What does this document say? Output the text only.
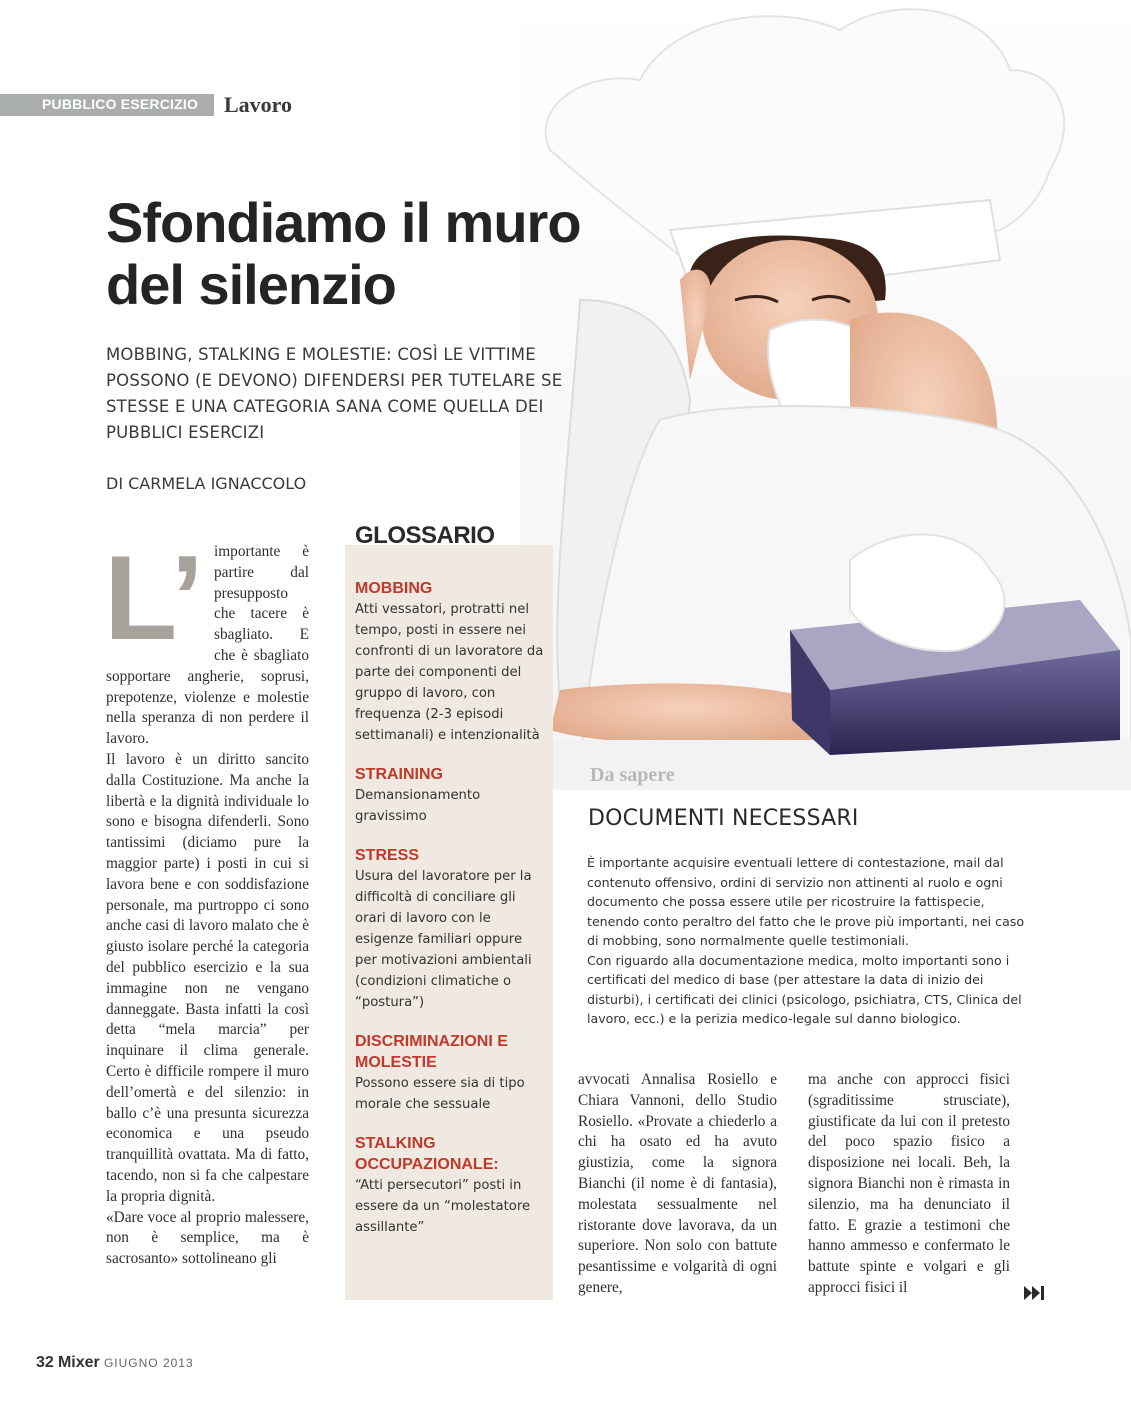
PUBBLICO ESERCIZIO Lavoro
Da sapere
Sfondiamo il muro del silenzio

MOBBING, STALKING E MOLESTIE: COSÌ LE VITTIME POSSONO (E DEVONO) DIFENDERSI PER TUTELARE SE STESSE E UNA CATEGORIA SANA COME QUELLA DEI PUBBLICI ESERCIZI

DI CARMELA IGNACCOLO
L’ importante è partire dal presupposto che tacere è sbagliato. E che è sbagliato sopportare angherie, soprusi, prepotenze, violenze e molestie nella speranza di non perdere il lavoro.

Il lavoro è un diritto sancito dalla Costituzione. Ma anche la libertà e la dignità individuale lo sono e bisogna difenderli. Sono tantissimi (diciamo pure la maggior parte) i posti in cui si lavora bene e con soddisfazione personale, ma purtroppo ci sono anche casi di lavoro malato che è giusto isolare perché la categoria del pubblico esercizio e la sua immagine non ne vengano danneggate. Basta infatti la così detta “mela marcia” per inquinare il clima generale. Certo è difficile rompere il muro dell’omertà e del silenzio: in ballo c’è una presunta sicurezza economica e una pseudo tranquillità ovattata. Ma di fatto, tacendo, non si fa che calpestare la propria dignità.

«Dare voce al proprio malessere, non è semplice, ma è sacrosanto» sottolineano gli

GLOSSARIO

MOBBING

Atti vessatori, protratti nel tempo, posti in essere nei confronti di un lavoratore da parte dei componenti del gruppo di lavoro, con frequenza (2-3 episodi settimanali) e intenzionalità

STRAINING

Demansionamento gravissimo

STRESS

Usura del lavoratore per la difficoltà di conciliare gli orari di lavoro con le esigenze familiari oppure per motivazioni ambientali (condizioni climatiche o “postura”)

DISCRIMINAZIONI E MOLESTIE

Possono essere sia di tipo morale che sessuale

STALKING OCCUPAZIONALE:

“Atti persecutori” posti in essere da un “molestatore assillante”

DOCUMENTI NECESSARI
È importante acquisire eventuali lettere di contestazione, mail dal contenuto offensivo, ordini di servizio non attinenti al ruolo e ogni documento che possa essere utile per ricostruire la fattispecie, tenendo conto peraltro del fatto che le prove più importanti, nei caso di mobbing, sono normalmente quelle testimoniali.
Con riguardo alla documentazione medica, molto importanti sono i certificati del medico di base (per attestare la data di inizio dei disturbi), i certificati dei clinici (psicologo, psichiatra, CTS, Clinica del lavoro, ecc.) e la perizia medico-legale sul danno biologico.

avvocati Annalisa Rosiello e Chiara Vannoni, dello Studio Rosiello. «Provate a chiederlo a chi ha osato ed ha avuto giustizia, come la signora Bianchi (il nome è di fantasia), molestata sessualmente nel ristorante dove lavorava, da un superiore. Non solo con battute pesantissime e volgarità di ogni genere,

ma anche con approcci fisici (sgraditissime strusciate), giustificate da lui con il pretesto del poco spazio fisico a disposizione nei locali. Beh, la signora Bianchi non è rimasta in silenzio, ma ha denunciato il fatto. E grazie a testimoni che hanno ammesso e confermato le battute spinte e volgari e gli approcci fisici il

32 Mixer GIUGNO 2013
